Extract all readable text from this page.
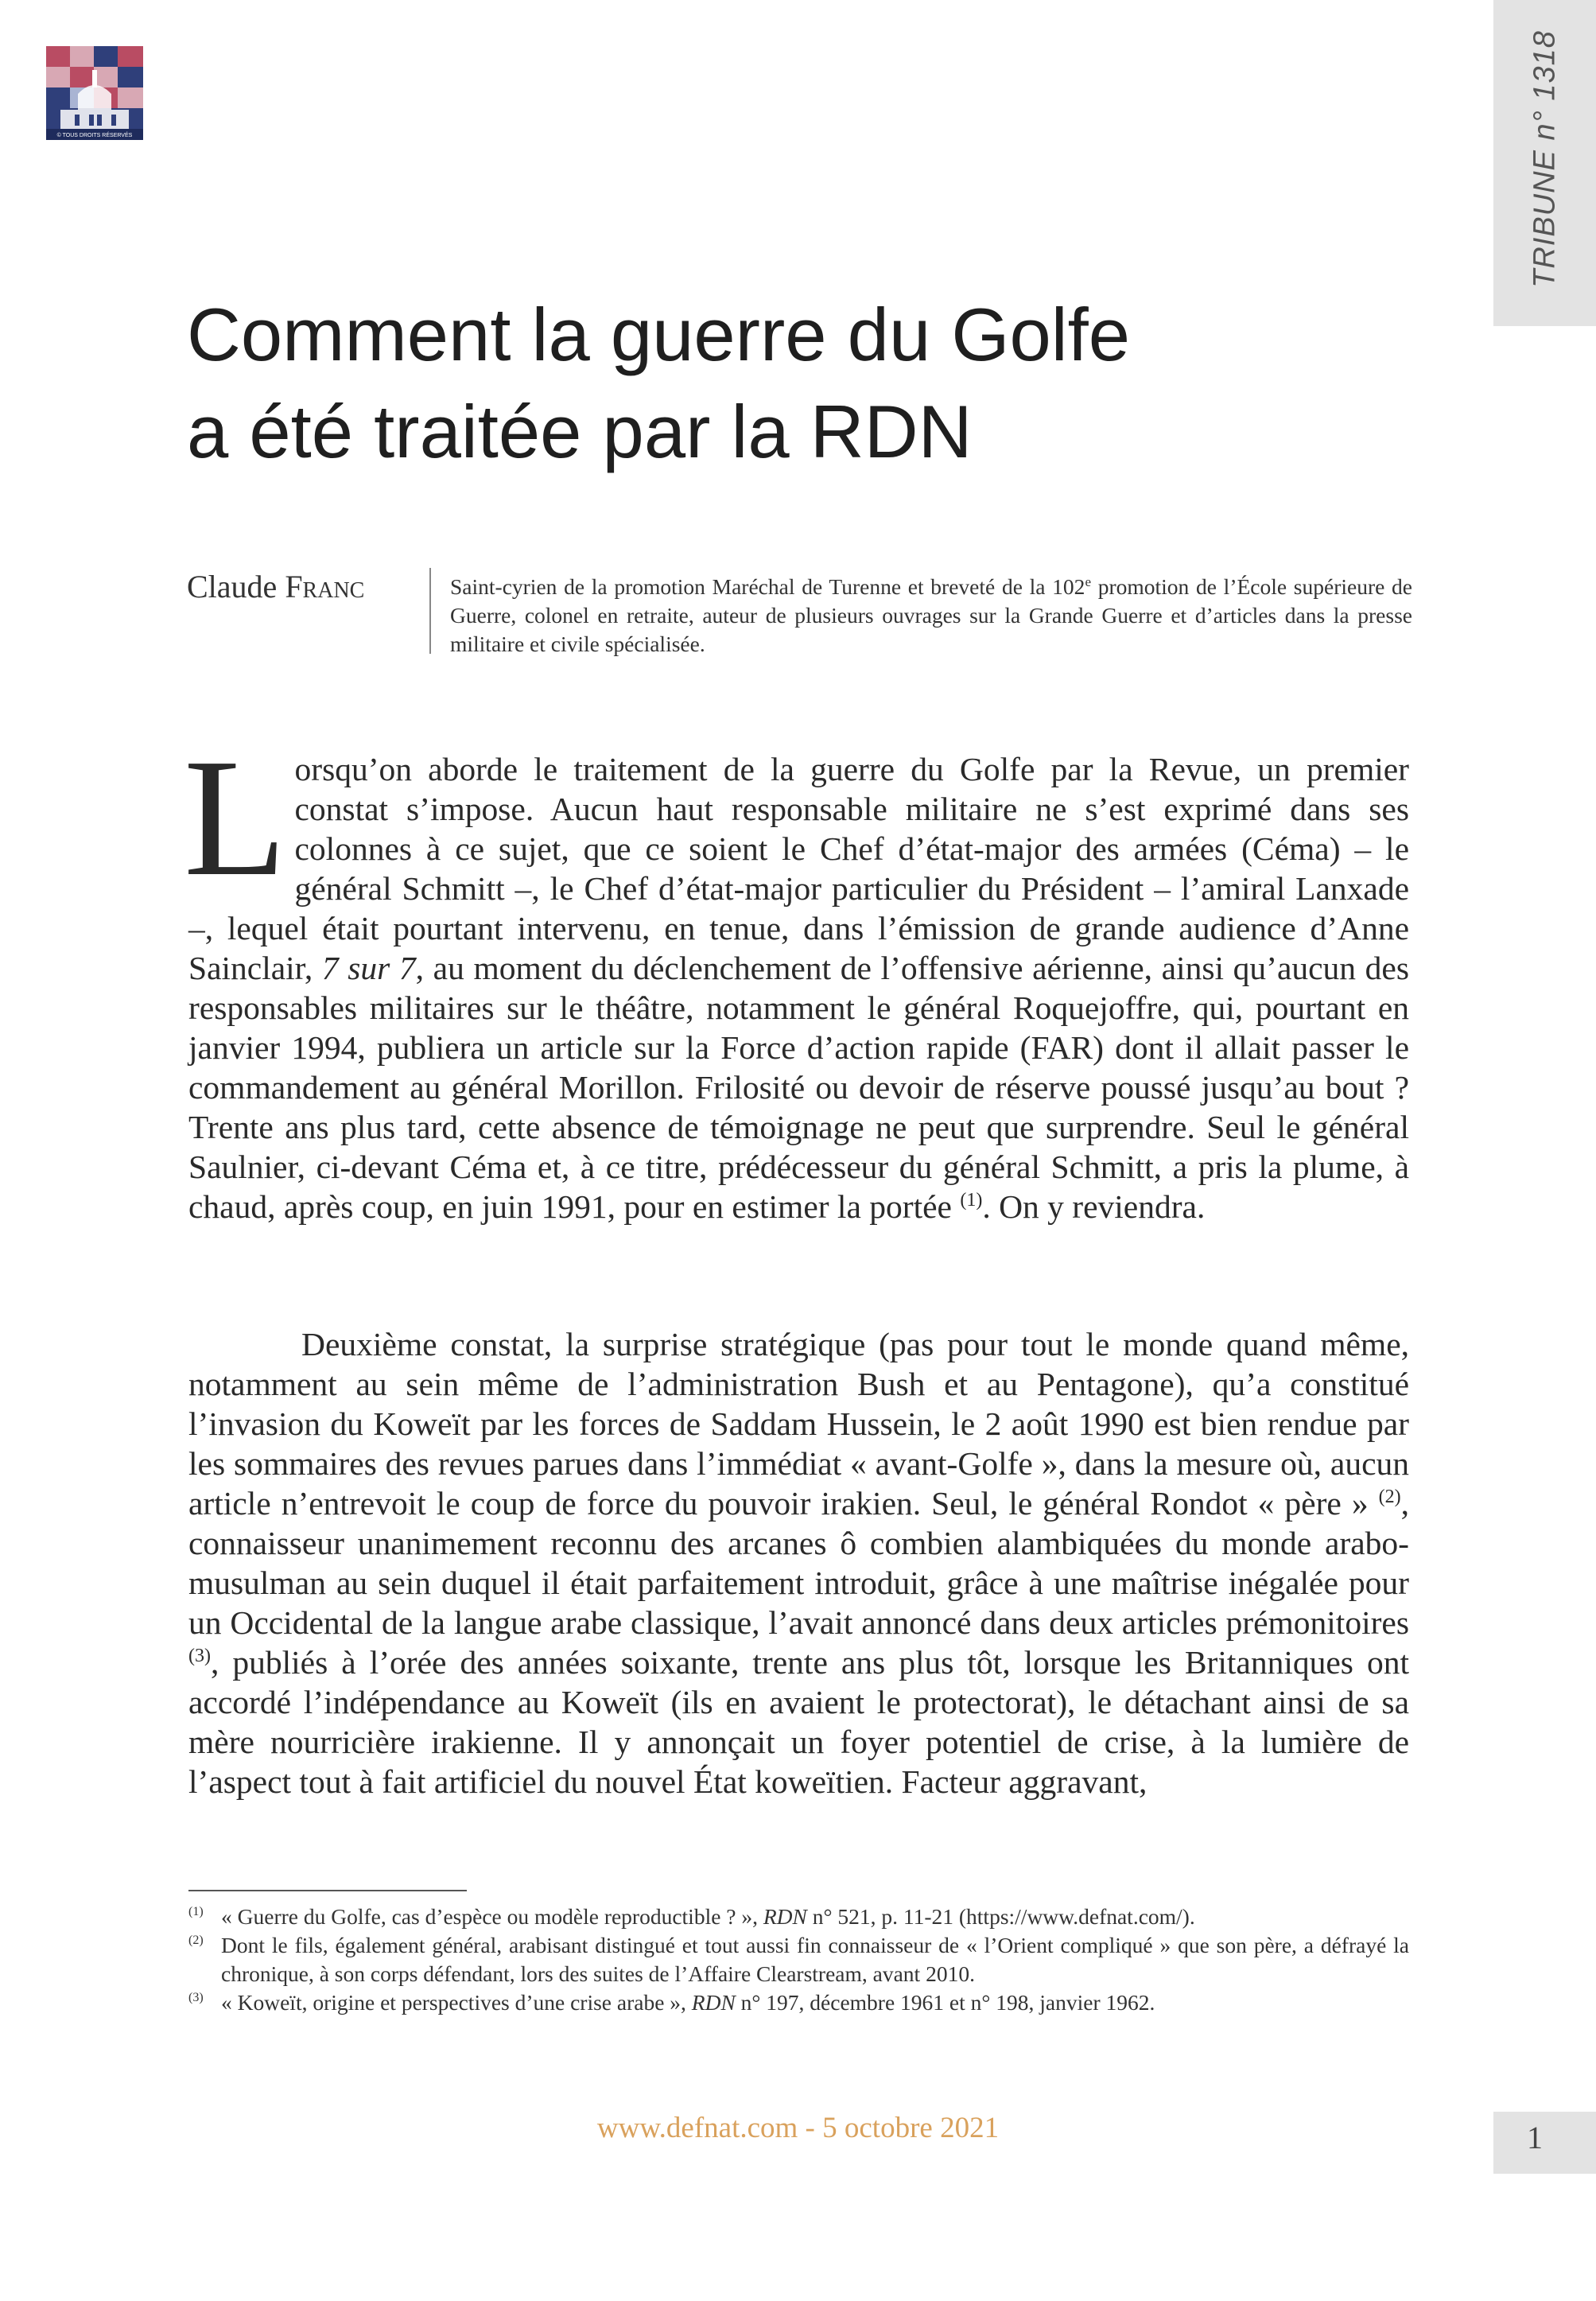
© TOUS DROITS RÉSERVÉS	TRIBUNE n° 1318
Comment la guerre du Golfe
a été traitée par la RDN
Claude Franc	Saint-cyrien de la promotion Maréchal de Turenne et breveté de la 102e promotion de l’École supérieure de Guerre, colonel en retraite, auteur de plusieurs ouvrages sur la Grande Guerre et d’articles dans la presse militaire et civile spécialisée.

Lorsqu’on aborde le traitement de la guerre du Golfe par la Revue, un premier constat s’impose. Aucun haut responsable militaire ne s’est exprimé dans ses colonnes à ce sujet, que ce soient le Chef d’état-major des armées (Céma) – le général Schmitt –, le Chef d’état-major particulier du Président – l’amiral Lanxade –, lequel était pourtant intervenu, en tenue, dans l’émission de grande audience d’Anne Sainclair, 7 sur 7, au moment du déclenchement de l’offensive aérienne, ainsi qu’aucun des responsables militaires sur le théâtre, notamment le général Roquejoffre, qui, pourtant en janvier 1994, publiera un article sur la Force d’action rapide (FAR) dont il allait passer le commandement au général Morillon. Frilosité ou devoir de réserve poussé jusqu’au bout ? Trente ans plus tard, cette absence de témoignage ne peut que surprendre. Seul le général Saulnier, ci-devant Céma et, à ce titre, prédécesseur du général Schmitt, a pris la plume, à chaud, après coup, en juin 1991, pour en estimer la portée $^{(1)}$. On y reviendra.

Deuxième constat, la surprise stratégique (pas pour tout le monde quand même, notamment au sein même de l’administration Bush et au Pentagone), qu’a constitué l’invasion du Koweït par les forces de Saddam Hussein, le 2 août 1990 est bien rendue par les sommaires des revues parues dans l’immédiat « avant-Golfe », dans la mesure où, aucun article n’entrevoit le coup de force du pouvoir irakien. Seul, le général Rondot « père » $^{(2)}$, connaisseur unanimement reconnu des arcanes ô combien alambiquées du monde arabo-musulman au sein duquel il était parfaitement introduit, grâce à une maîtrise inégalée pour un Occidental de la langue arabe classique, l’avait annoncé dans deux articles prémonitoires $^{(3)}$, publiés à l’orée des années soixante, trente ans plus tôt, lorsque les Britanniques ont accordé l’indépendance au Koweït (ils en avaient le protectorat), le détachant ainsi de sa mère nourricière irakienne. Il y annonçait un foyer potentiel de crise, à la lumière de l’aspect tout à fait artificiel du nouvel État koweïtien. Facteur aggravant,

(1) « Guerre du Golfe, cas d’espèce ou modèle reproductible ? », RDN n° 521, p. 11-21 (https://www.defnat.com/).
(2) Dont le fils, également général, arabisant distingué et tout aussi fin connaisseur de « l’Orient compliqué » que son père, a défrayé la chronique, à son corps défendant, lors des suites de l’Affaire Clearstream, avant 2010.
(3) « Koweït, origine et perspectives d’une crise arabe », RDN n° 197, décembre 1961 et n° 198, janvier 1962.
www.defnat.com - 5 octobre 2021	1
